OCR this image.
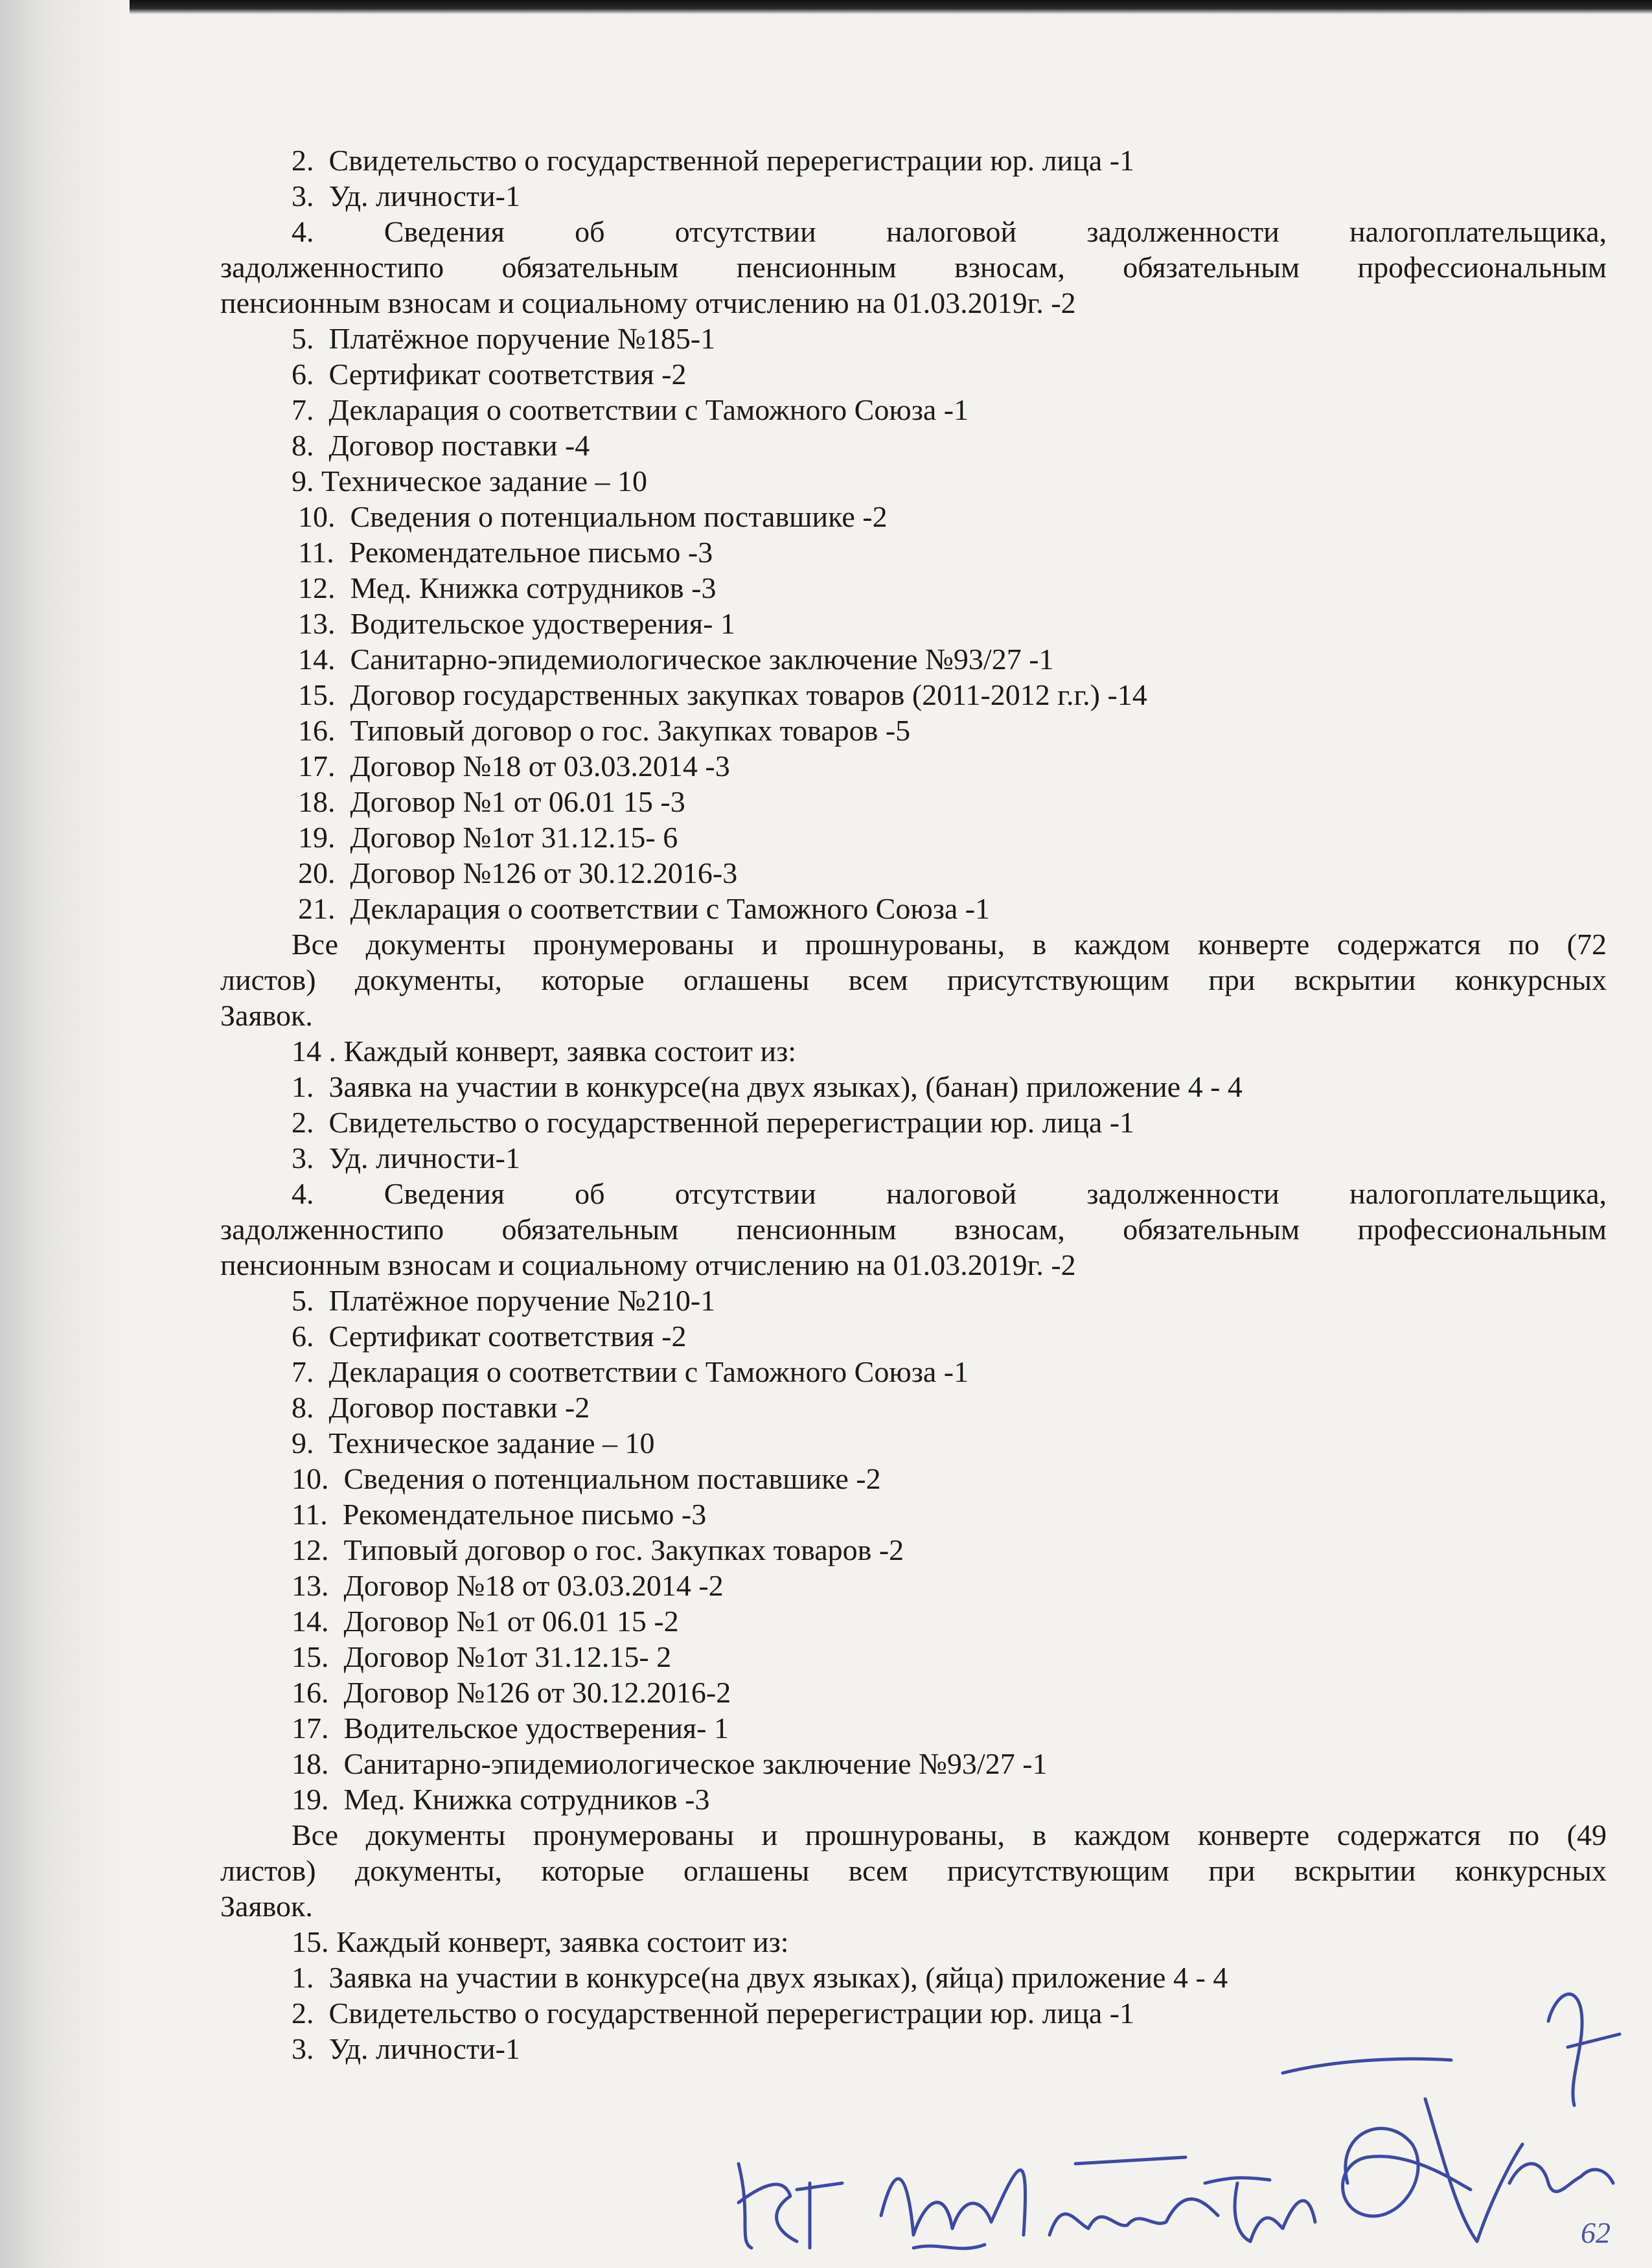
2.  Свидетельство о государственной перерегистрации юр. лица -1
3.  Уд. личности-1
4. Сведения об отсутствии налоговой задолженности налогоплательщика,
задолженностипо обязательным пенсионным взносам, обязательным профессиональным
пенсионным взносам и социальному отчислению на 01.03.2019г. -2
5.  Платёжное поручение №185-1
6.  Сертификат соответствия -2
7.  Декларация о соответствии с Таможного Союза -1
8.  Договор поставки -4
9. Техническое задание – 10
10.  Сведения о потенциальном поставшике -2
11.  Рекомендательное письмо -3
12.  Мед. Книжка сотрудников -3
13.  Водительское удостверения- 1
14.  Санитарно-эпидемиологическое заключение №93/27 -1
15.  Договор государственных закупках товаров (2011-2012 г.г.) -14
16.  Типовый договор о гос. Закупках товаров -5
17.  Договор №18 от 03.03.2014 -3
18.  Договор №1 от 06.01 15 -3
19.  Договор №1от 31.12.15- 6
20.  Договор №126 от 30.12.2016-3
21.  Декларация о соответствии с Таможного Союза -1
Все документы пронумерованы и прошнурованы, в каждом конверте содержатся по (72
листов) документы, которые оглашены всем присутствующим при вскрытии конкурсных
Заявок.
14 . Каждый конверт, заявка состоит из:
1.  Заявка на участии в конкурсе(на двух языках), (банан) приложение 4 - 4
2.  Свидетельство о государственной перерегистрации юр. лица -1
3.  Уд. личности-1
4. Сведения об отсутствии налоговой задолженности налогоплательщика,
задолженностипо обязательным пенсионным взносам, обязательным профессиональным
пенсионным взносам и социальному отчислению на 01.03.2019г. -2
5.  Платёжное поручение №210-1
6.  Сертификат соответствия -2
7.  Декларация о соответствии с Таможного Союза -1
8.  Договор поставки -2
9.  Техническое задание – 10
10.  Сведения о потенциальном поставшике -2
11.  Рекомендательное письмо -3
12.  Типовый договор о гос. Закупках товаров -2
13.  Договор №18 от 03.03.2014 -2
14.  Договор №1 от 06.01 15 -2
15.  Договор №1от 31.12.15- 2
16.  Договор №126 от 30.12.2016-2
17.  Водительское удостверения- 1
18.  Санитарно-эпидемиологическое заключение №93/27 -1
19.  Мед. Книжка сотрудников -3
Все документы пронумерованы и прошнурованы, в каждом конверте содержатся по (49
листов) документы, которые оглашены всем присутствующим при вскрытии конкурсных
Заявок.
15. Каждый конверт, заявка состоит из:
1.  Заявка на участии в конкурсе(на двух языках), (яйца) приложение 4 - 4
2.  Свидетельство о государственной перерегистрации юр. лица -1
3.  Уд. личности-1
62
